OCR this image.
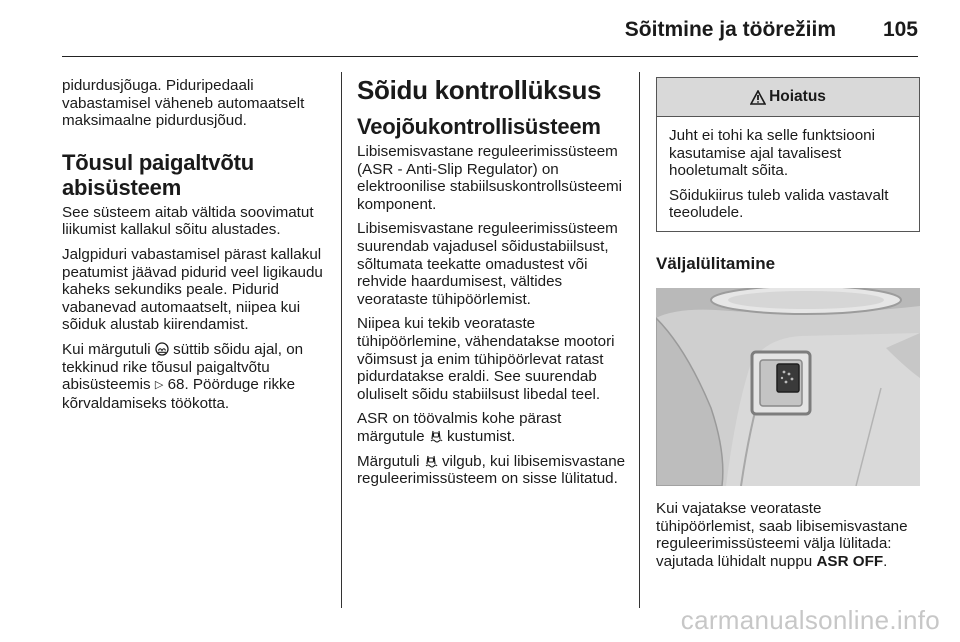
Sõitmine ja töörežiim 105

pidurdusjõuga. Piduripedaali vabastamisel väheneb automaatselt maksimaalne pidurdusjõud.

Tõusul paigaltvõtu abisüsteem

See süsteem aitab vältida soovimatut liikumist kallakul sõitu alustades.

Jalgpiduri vabastamisel pärast kallakul peatumist jäävad pidurid veel ligikaudu kaheks sekundiks peale. Pidurid vabanevad automaatselt, niipea kui sõiduk alustab kiirendamist.

Kui märgutuli süttib sõidu ajal, on tekkinud rike tõusul paigaltvõtu abisüsteemis ▷ 68. Pöörduge rikke kõrvaldamiseks töökotta.

Sõidu kontrollüksus
Veojõukontrollisüsteem

Libisemisvastane reguleerimissüsteem (ASR - Anti-Slip Regulator) on elektroonilise stabiilsuskontrollsüsteemi komponent.

Libisemisvastane reguleerimissüsteem suurendab vajadusel sõidustabiilsust, sõltumata teekatte omadustest või rehvide haardumisest, vältides veorataste tühipöörlemist.

Niipea kui tekib veorataste tühipöörlemine, vähendatakse mootori võimsust ja enim tühipöörlevat ratast pidurdatakse eraldi. See suurendab oluliselt sõidu stabiilsust libedal teel.

ASR on töövalmis kohe pärast märgutule kustumist.

Märgutuli vilgub, kui libisemisvastane reguleerimissüsteem on sisse lülitatud.

Hoiatus

Juht ei tohi ka selle funktsiooni kasutamise ajal tavalisest hooletumalt sõita.

Sõidukiirus tuleb valida vastavalt teeoludele.

Väljalülitamine

Kui vajatakse veorataste tühipöörlemist, saab libisemisvastane reguleerimissüsteemi välja lülitada: vajutada lühidalt nuppu ASR OFF.

carmanualsonline.info
